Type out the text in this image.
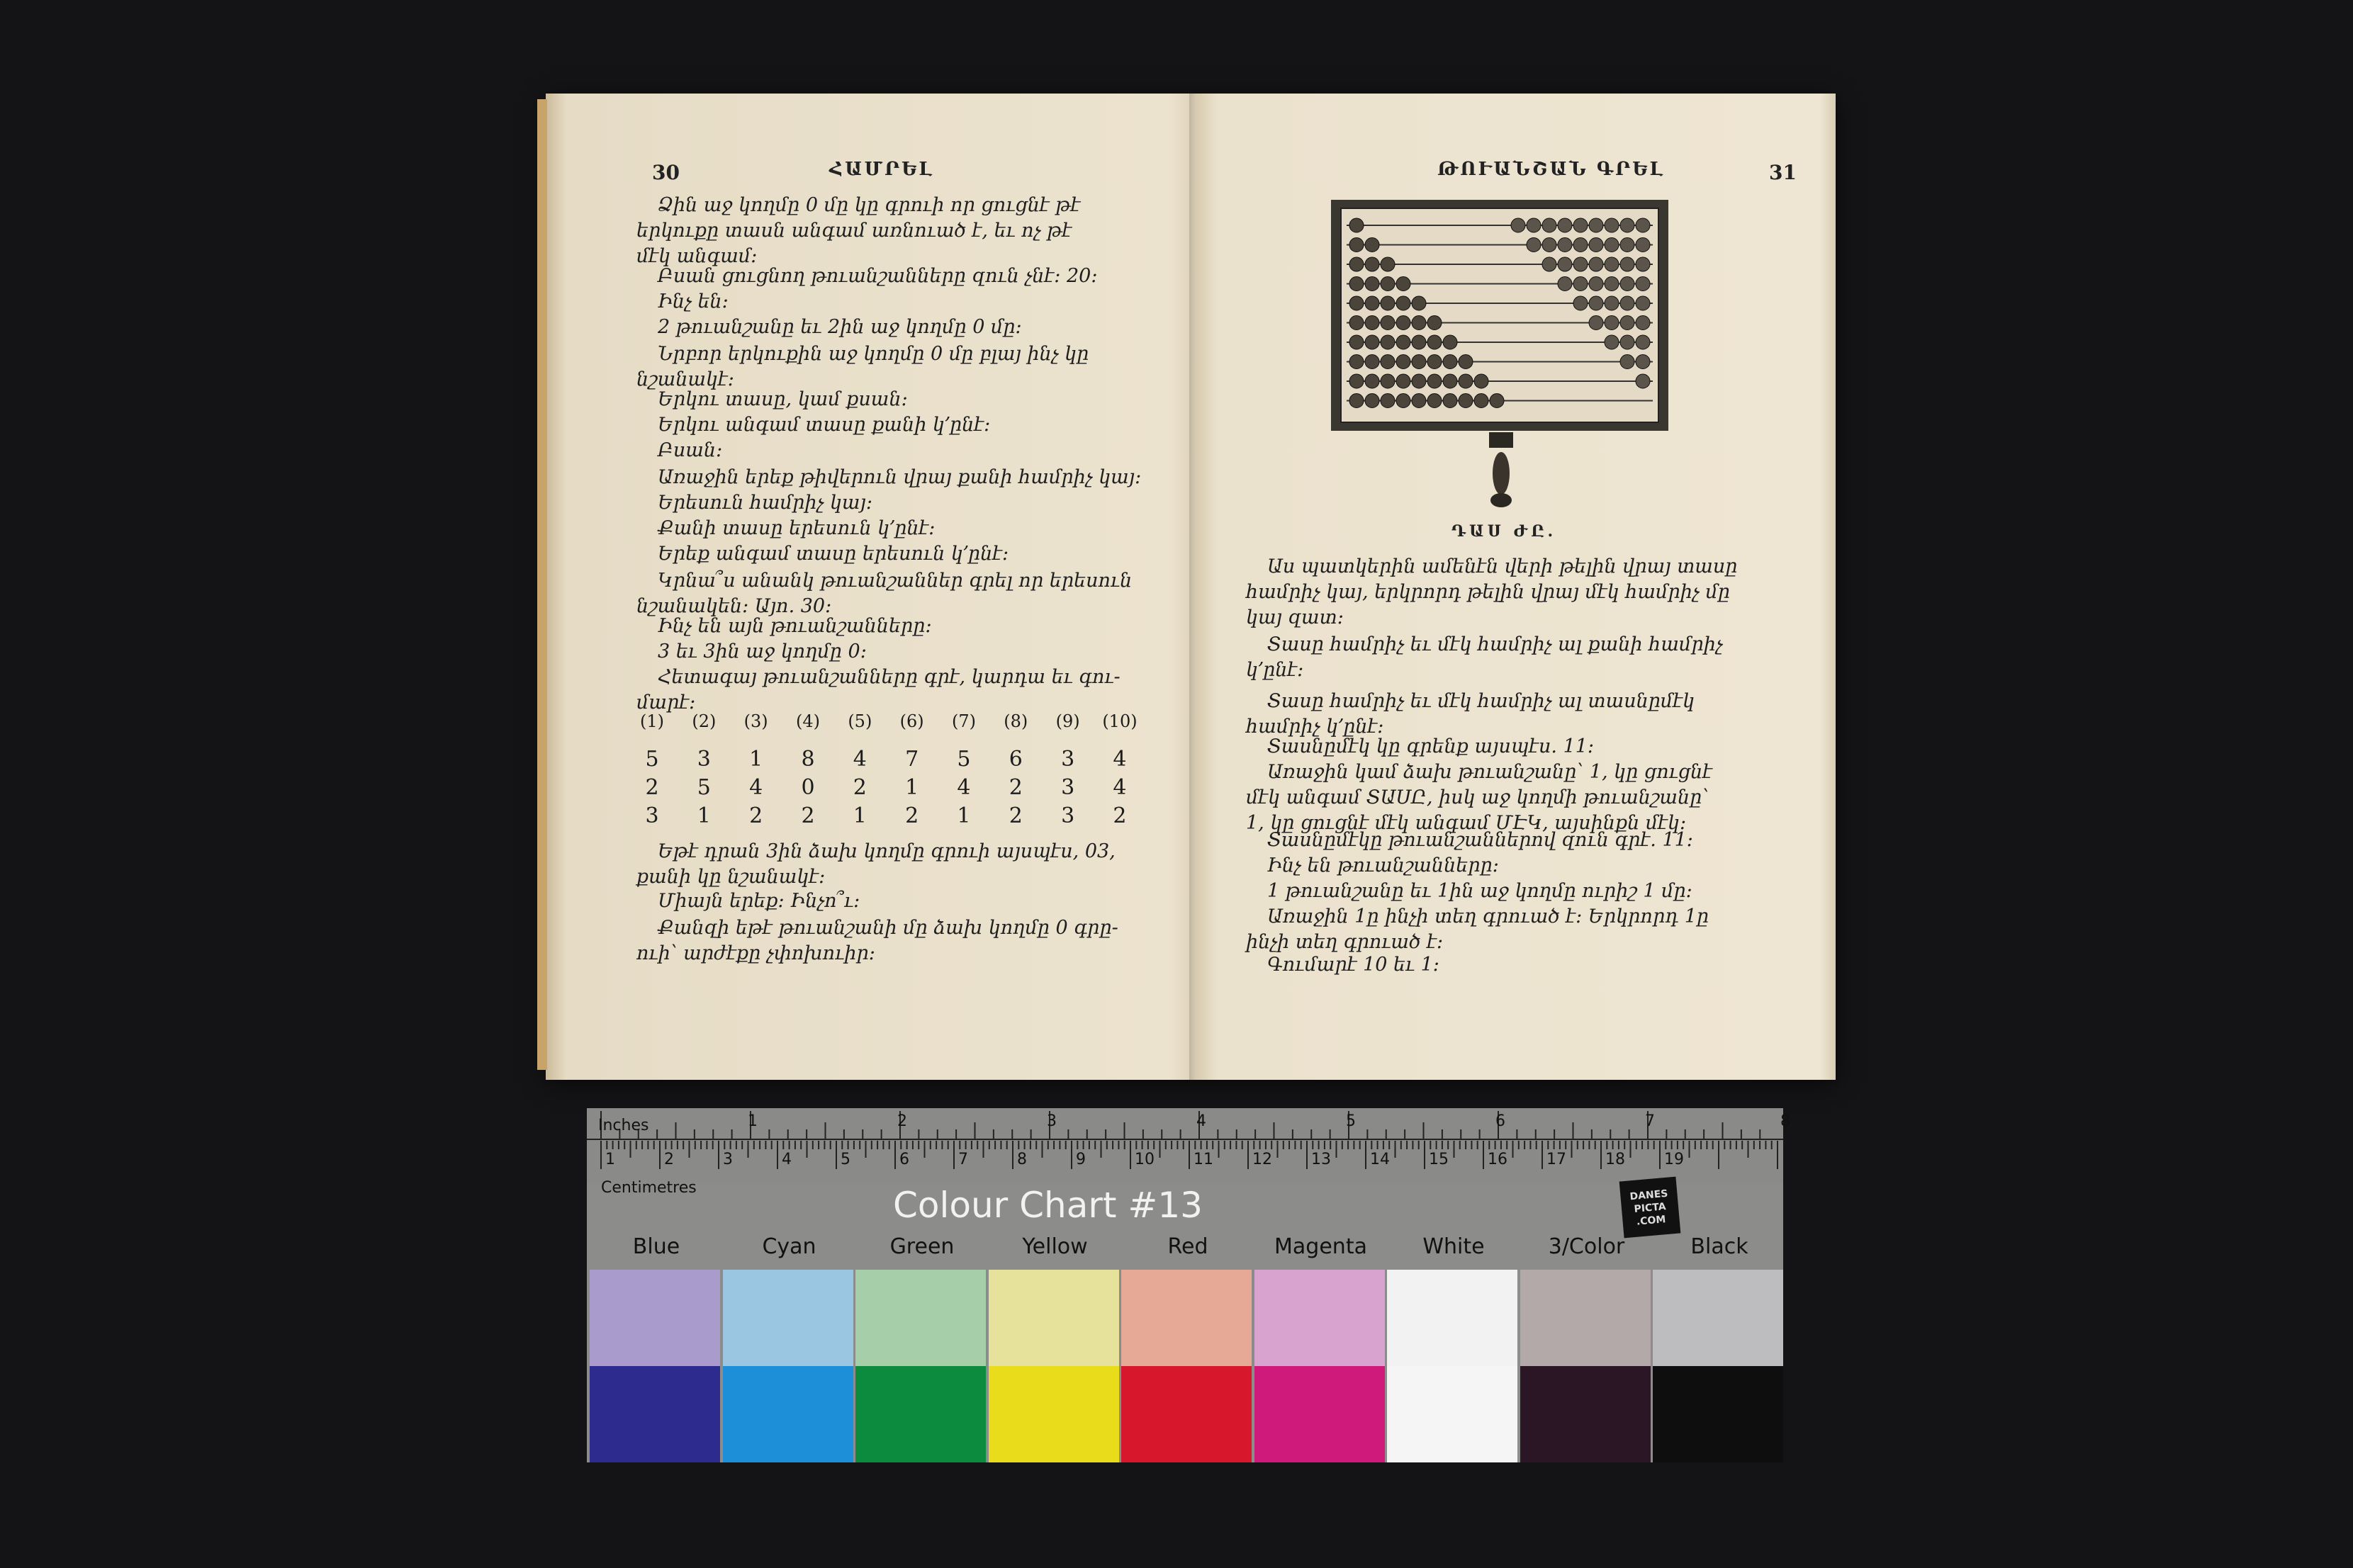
30	ՀԱՄՐԵԼ
Ձին աջ կողմը 0 մը կը գրուի որ ցուցնէ թէ
երկուքը տասն անգամ առնուած է, եւ ոչ թէ
մէկ անգամ։
Բսան ցուցնող թուանշանները զուն չնէ։ 20։
Ինչ են։
2 թուանշանը եւ 2ին աջ կողմը 0 մը։
Նրբոր երկուքին աջ կողմը 0 մը բլայ ինչ կը
նշանակէ։
Երկու տասը, կամ քսան։
Երկու անգամ տասը քանի կ՚ընէ։
Բսան։
Առաջին երեք թիվերուն վրայ քանի համրիչ կայ։
Երեսուն համրիչ կայ։
Քանի տասը երեսուն կ՚ընէ։
Երեք անգամ տասը երեսուն կ՚ընէ։
Կրնա՞ս անանկ թուանշաններ գրել որ երեսուն
նշանակեն։ Այո. 30։
Ինչ են այն թուանշանները։
3 եւ 3ին աջ կողմը 0։
Հետագայ թուանշանները գրէ, կարդա եւ գու-
մարէ։
(1)	(2)	(3)	(4)	(5)	(6)	(7)	(8)	(9)	(10)
5	3	1	8	4	7	5	6	3	4
2	5	4	0	2	1	4	2	3	4
3	1	2	2	1	2	1	2	3	2
Եթէ դրան 3ին ձախ կողմը գրուի այսպէս, 03,
քանի կը նշանակէ։
Միայն երեք։ Ինչո՞ւ։
Քանզի եթէ թուանշանի մը ձախ կողմը 0 գրը-
ուի՝ արժէքը չփոխուիր։
ԹՈՒԱՆՇԱՆ ԳՐԵԼ	31
ԴԱՍ ԺԸ.
Աս պատկերին ամենէն վերի թելին վրայ տասը
համրիչ կայ, երկրորդ թելին վրայ մէկ համրիչ մը
կայ զատ։
Տասը համրիչ եւ մէկ համրիչ ալ քանի համրիչ
կ՚ընէ։
Տասը համրիչ եւ մէկ համրիչ ալ տասնըմէկ
համրիչ կ՚ընէ։
Տասնըմէկ կը գրենք այսպէս. 11։
Առաջին կամ ձախ թուանշանը՝ 1, կը ցուցնէ
մէկ անգամ ՏԱՍԸ, իսկ աջ կողմի թուանշանը՝
1, կը ցուցնէ մէկ անգամ ՄԷԿ, այսինքն մէկ։
Տասնըմէկը թուանշաններով զուն գրէ. 11։
Ինչ են թուանշանները։
1 թուանշանը եւ 1ին աջ կողմը ուրիշ 1 մը։
Առաջին 1ը ինչի տեղ գրուած է։ Երկրորդ 1ը
ինչի տեղ գրուած է։
Գումարէ 10 եւ 1։
Inches
Centimetres
1	2	3	4	5	6	7	8
1	2	3	4	5	6	7	8	9	10	11	12	13	14	15	16	17	18	19
Colour Chart #13	DANES
PICTA
.COM
Blue	Cyan	Green	Yellow	Red	Magenta	White	3/Color	Black
